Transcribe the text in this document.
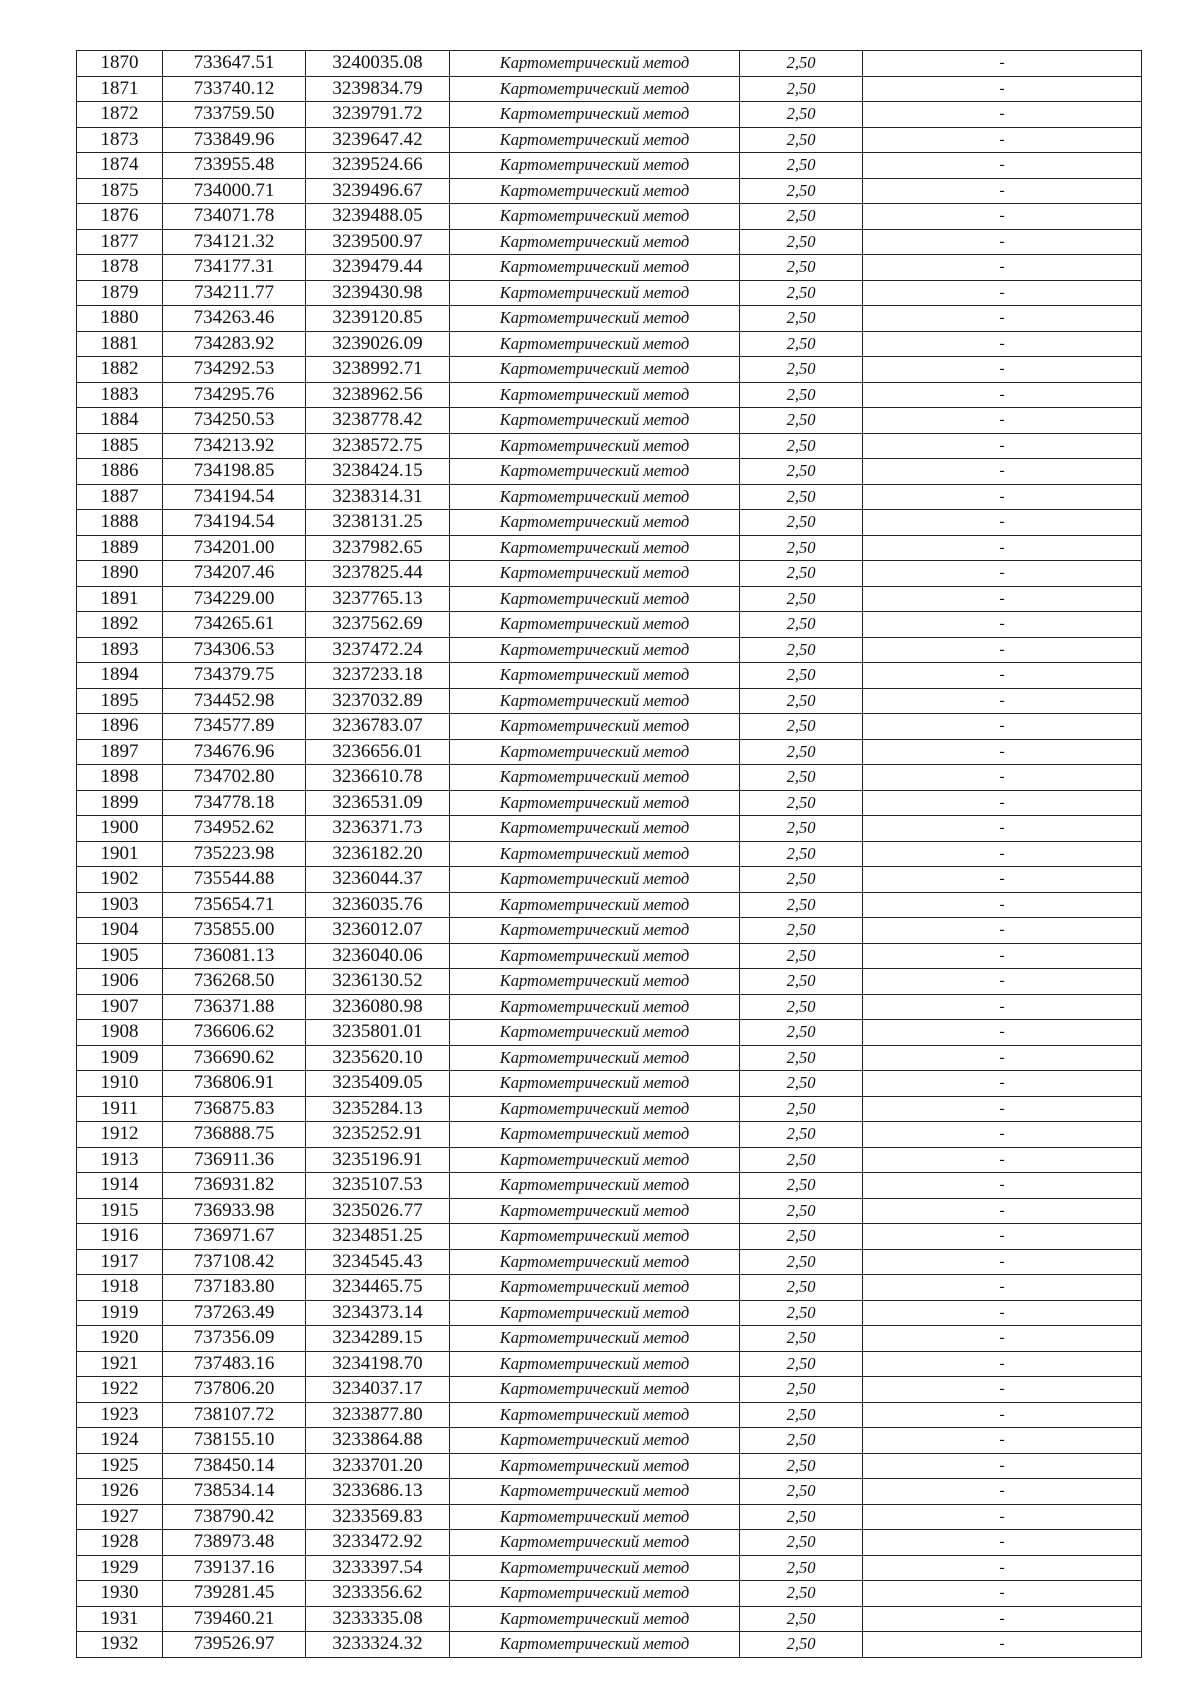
1870	733647.51	3240035.08	Картометрический метод	2,50	-
1871	733740.12	3239834.79	Картометрический метод	2,50	-
1872	733759.50	3239791.72	Картометрический метод	2,50	-
1873	733849.96	3239647.42	Картометрический метод	2,50	-
1874	733955.48	3239524.66	Картометрический метод	2,50	-
1875	734000.71	3239496.67	Картометрический метод	2,50	-
1876	734071.78	3239488.05	Картометрический метод	2,50	-
1877	734121.32	3239500.97	Картометрический метод	2,50	-
1878	734177.31	3239479.44	Картометрический метод	2,50	-
1879	734211.77	3239430.98	Картометрический метод	2,50	-
1880	734263.46	3239120.85	Картометрический метод	2,50	-
1881	734283.92	3239026.09	Картометрический метод	2,50	-
1882	734292.53	3238992.71	Картометрический метод	2,50	-
1883	734295.76	3238962.56	Картометрический метод	2,50	-
1884	734250.53	3238778.42	Картометрический метод	2,50	-
1885	734213.92	3238572.75	Картометрический метод	2,50	-
1886	734198.85	3238424.15	Картометрический метод	2,50	-
1887	734194.54	3238314.31	Картометрический метод	2,50	-
1888	734194.54	3238131.25	Картометрический метод	2,50	-
1889	734201.00	3237982.65	Картометрический метод	2,50	-
1890	734207.46	3237825.44	Картометрический метод	2,50	-
1891	734229.00	3237765.13	Картометрический метод	2,50	-
1892	734265.61	3237562.69	Картометрический метод	2,50	-
1893	734306.53	3237472.24	Картометрический метод	2,50	-
1894	734379.75	3237233.18	Картометрический метод	2,50	-
1895	734452.98	3237032.89	Картометрический метод	2,50	-
1896	734577.89	3236783.07	Картометрический метод	2,50	-
1897	734676.96	3236656.01	Картометрический метод	2,50	-
1898	734702.80	3236610.78	Картометрический метод	2,50	-
1899	734778.18	3236531.09	Картометрический метод	2,50	-
1900	734952.62	3236371.73	Картометрический метод	2,50	-
1901	735223.98	3236182.20	Картометрический метод	2,50	-
1902	735544.88	3236044.37	Картометрический метод	2,50	-
1903	735654.71	3236035.76	Картометрический метод	2,50	-
1904	735855.00	3236012.07	Картометрический метод	2,50	-
1905	736081.13	3236040.06	Картометрический метод	2,50	-
1906	736268.50	3236130.52	Картометрический метод	2,50	-
1907	736371.88	3236080.98	Картометрический метод	2,50	-
1908	736606.62	3235801.01	Картометрический метод	2,50	-
1909	736690.62	3235620.10	Картометрический метод	2,50	-
1910	736806.91	3235409.05	Картометрический метод	2,50	-
1911	736875.83	3235284.13	Картометрический метод	2,50	-
1912	736888.75	3235252.91	Картометрический метод	2,50	-
1913	736911.36	3235196.91	Картометрический метод	2,50	-
1914	736931.82	3235107.53	Картометрический метод	2,50	-
1915	736933.98	3235026.77	Картометрический метод	2,50	-
1916	736971.67	3234851.25	Картометрический метод	2,50	-
1917	737108.42	3234545.43	Картометрический метод	2,50	-
1918	737183.80	3234465.75	Картометрический метод	2,50	-
1919	737263.49	3234373.14	Картометрический метод	2,50	-
1920	737356.09	3234289.15	Картометрический метод	2,50	-
1921	737483.16	3234198.70	Картометрический метод	2,50	-
1922	737806.20	3234037.17	Картометрический метод	2,50	-
1923	738107.72	3233877.80	Картометрический метод	2,50	-
1924	738155.10	3233864.88	Картометрический метод	2,50	-
1925	738450.14	3233701.20	Картометрический метод	2,50	-
1926	738534.14	3233686.13	Картометрический метод	2,50	-
1927	738790.42	3233569.83	Картометрический метод	2,50	-
1928	738973.48	3233472.92	Картометрический метод	2,50	-
1929	739137.16	3233397.54	Картометрический метод	2,50	-
1930	739281.45	3233356.62	Картометрический метод	2,50	-
1931	739460.21	3233335.08	Картометрический метод	2,50	-
1932	739526.97	3233324.32	Картометрический метод	2,50	-
